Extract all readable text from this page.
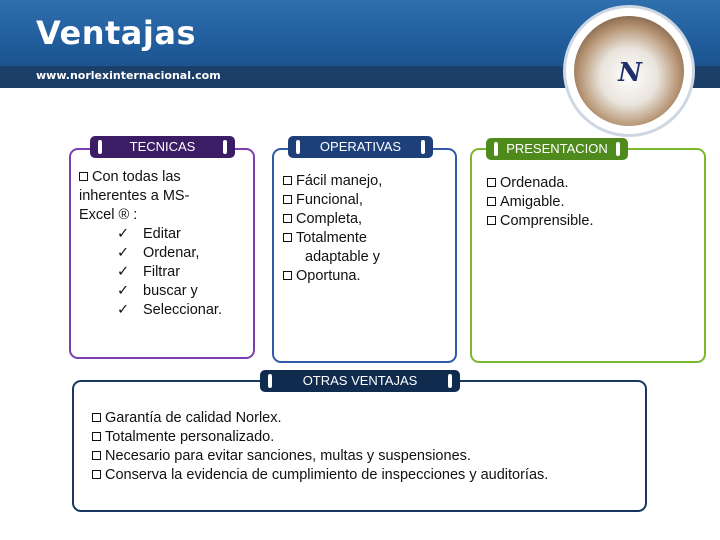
Ventajas
www.norlexinternacional.com	N
TECNICAS
Con todas las
inherentes a MS-
Excel ® :
✓ Editar
✓ Ordenar,
✓ Filtrar
✓ buscar y
✓ Seleccionar.
OPERATIVAS
Fácil manejo,
Funcional,
Completa,
Totalmente
adaptable y
Oportuna.
PRESENTACION
Ordenada.
Amigable.
Comprensible.
OTRAS VENTAJAS
Garantía de calidad Norlex.
Totalmente personalizado.
Necesario para evitar sanciones, multas y suspensiones.
Conserva la evidencia de cumplimiento de inspecciones y auditorías.
